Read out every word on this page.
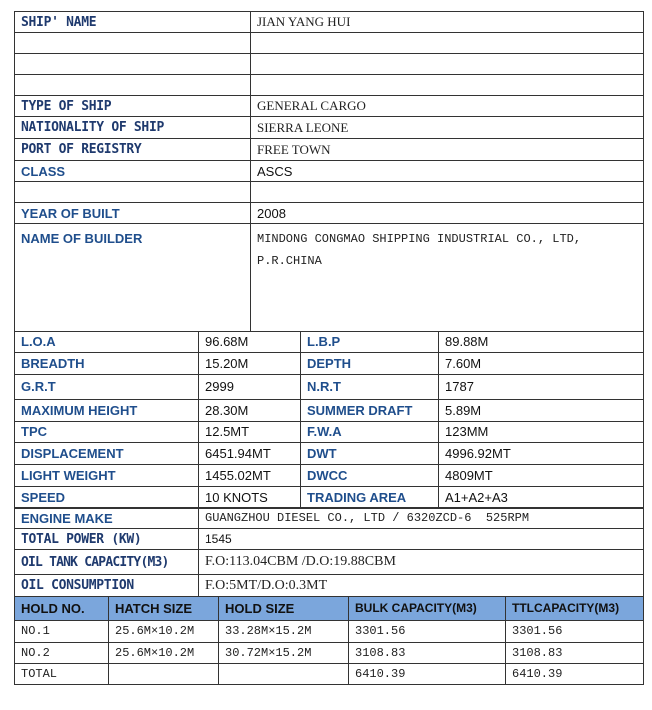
SHIP' NAME	JIAN YANG HUI

TYPE OF SHIP	GENERAL CARGO
NATIONALITY OF SHIP	SIERRA LEONE
PORT OF REGISTRY	FREE TOWN
CLASS	ASCS

YEAR OF BUILT	2008
NAME OF BUILDER	MINDONG CONGMAO SHIPPING INDUSTRIAL CO., LTD,
P.R.CHINA
L.O.A	96.68M	L.B.P	89.88M
BREADTH	15.20M	DEPTH	7.60M
G.R.T	2999	N.R.T	1787
MAXIMUM HEIGHT	28.30M	SUMMER DRAFT	5.89M
TPC	12.5MT	F.W.A	123MM
DISPLACEMENT	6451.94MT	DWT	4996.92MT
LIGHT WEIGHT	1455.02MT	DWCC	4809MT
SPEED	10 KNOTS	TRADING AREA	A1+A2+A3
ENGINE MAKE	GUANGZHOU DIESEL CO., LTD / 6320ZCD-6  525RPM
TOTAL POWER (KW)	1545
OIL TANK CAPACITY(M3)	F.O:113.04CBM /D.O:19.88CBM
OIL CONSUMPTION	F.O:5MT/D.O:0.3MT
HOLD NO.	HATCH SIZE	HOLD SIZE	BULK CAPACITY(M3)	TTLCAPACITY(M3)
NO.1	25.6M×10.2M	33.28M×15.2M	3301.56	3301.56
NO.2	25.6M×10.2M	30.72M×15.2M	3108.83	3108.83
TOTAL			6410.39	6410.39
